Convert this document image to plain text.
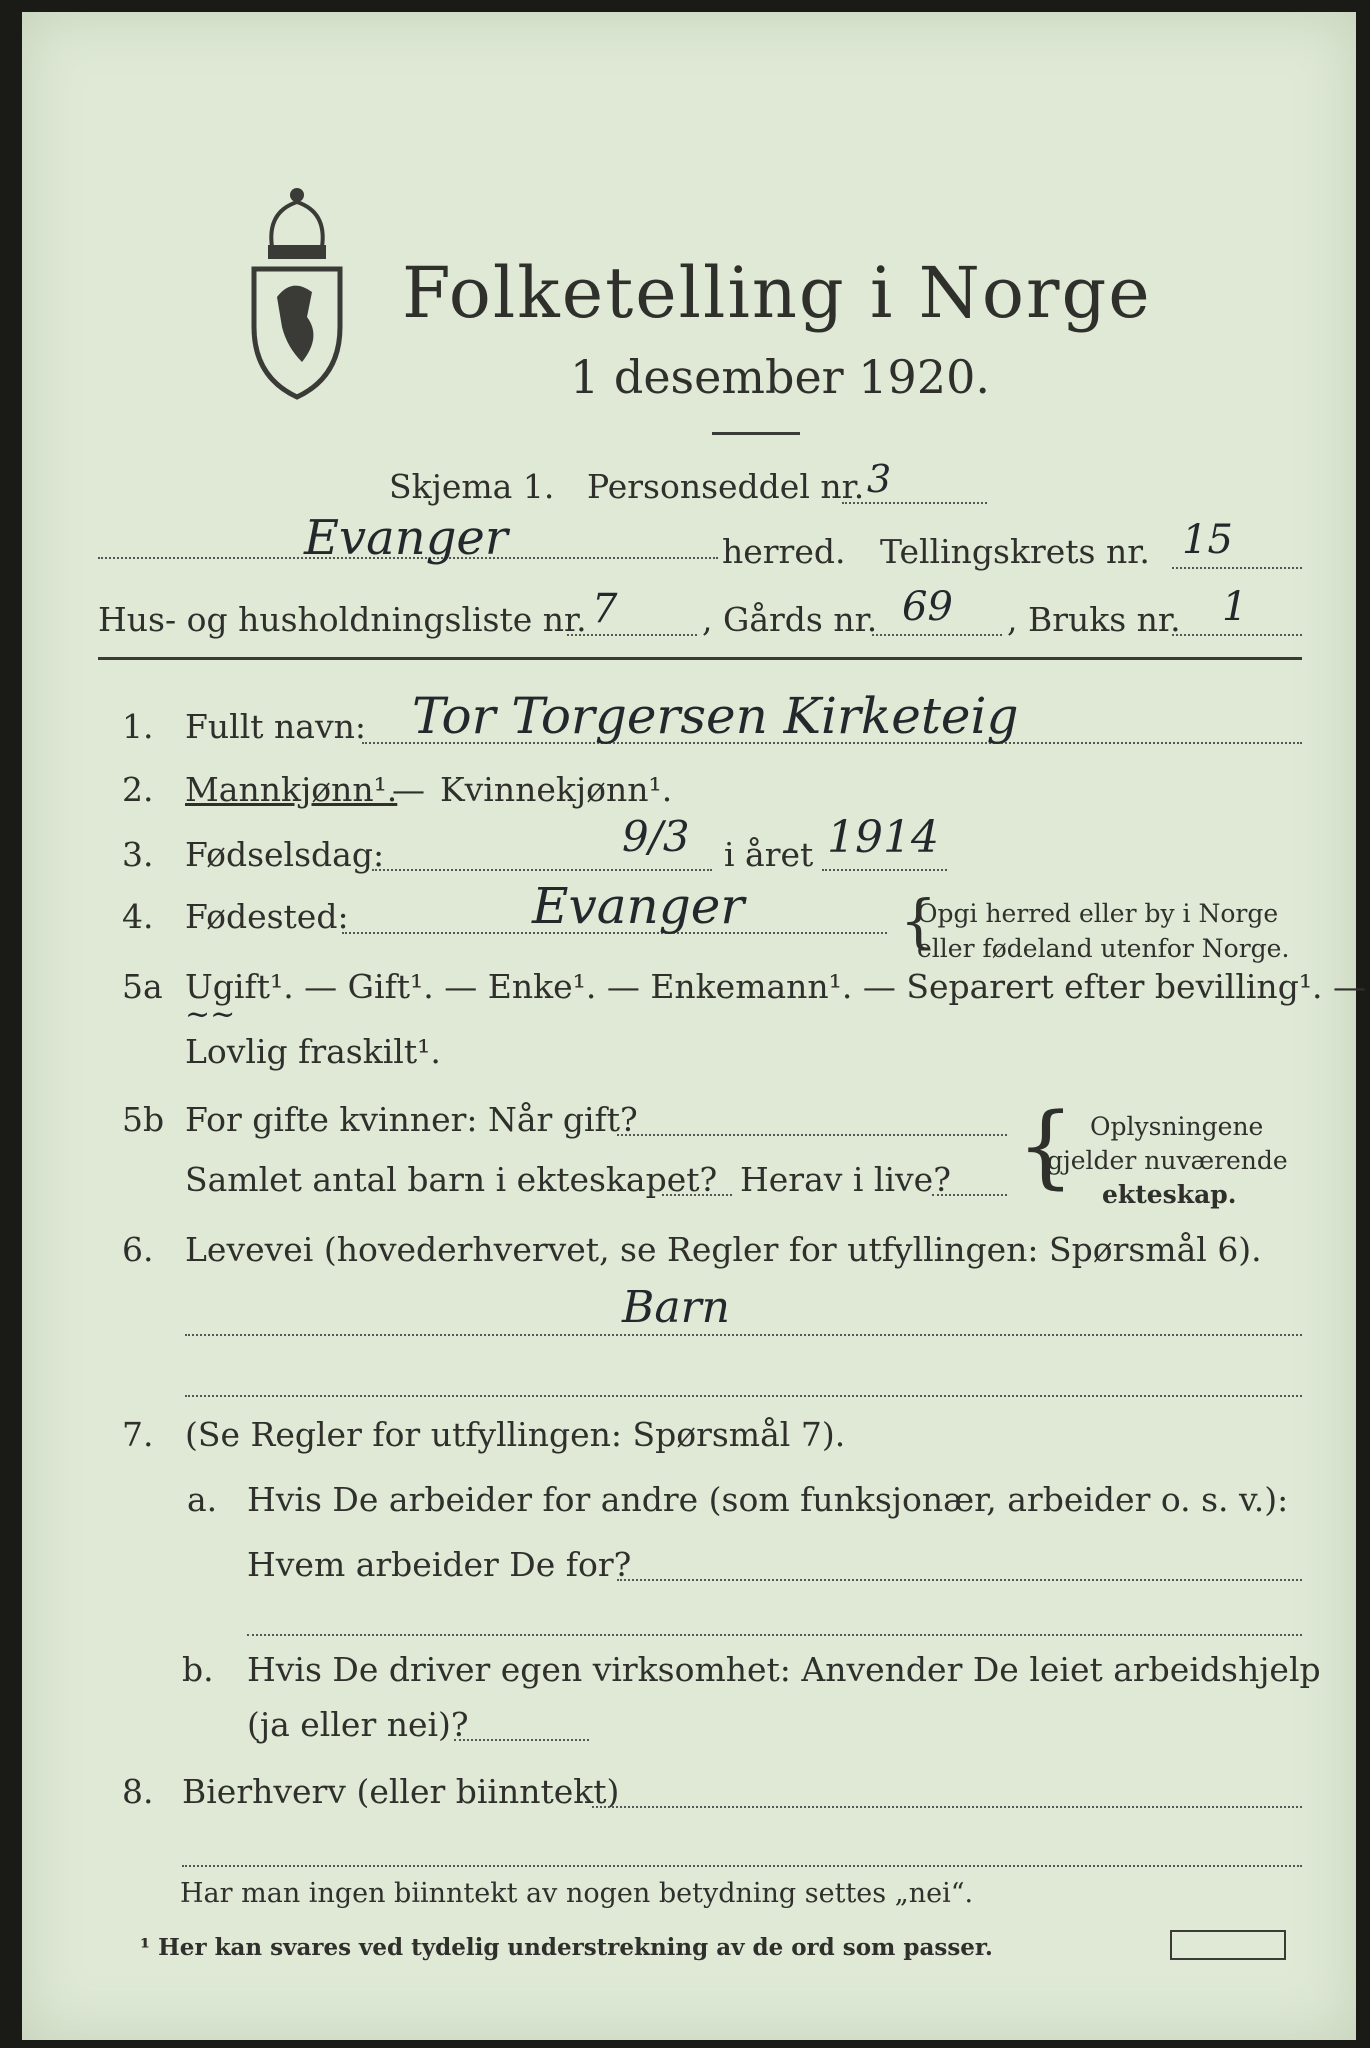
Folketelling i Norge
1 desember 1920.
Skjema 1. Personseddel nr. 3
Evanger	herred. Tellingskrets nr. 15
Hus- og husholdningsliste nr. 7	, Gårds nr. 69 , Bruks nr. 1
1. Fullt navn: Tor Torgersen Kirketeig
2. Mannkjønn¹.
— Kvinnekjønn¹.
3. Fødselsdag:	9/3 i året 1914
4. Fødested:	Evanger	{
Opgi herred eller by i Norge
eller fødeland utenfor Norge.
5a Ugift¹. — Gift¹. — Enke¹. — Enkemann¹. — Separert efter bevilling¹. —
~~
Lovlig fraskilt¹.
5b For gifte kvinner: Når gift?
Samlet antal barn i ekteskapet? Herav i live? { Oplysningene
gjelder nuværende
ekteskap.
6. Levevei (hovederhvervet, se Regler for utfyllingen: Spørsmål 6).
Barn
7. (Se Regler for utfyllingen: Spørsmål 7).
a. Hvis De arbeider for andre (som funksjonær, arbeider o. s. v.):
Hvem arbeider De for?
b. Hvis De driver egen virksomhet: Anvender De leiet arbeidshjelp
(ja eller nei)?
8. Bierhverv (eller biinntekt)
Har man ingen biinntekt av nogen betydning settes „nei“.
¹ Her kan svares ved tydelig understrekning av de ord som passer.
